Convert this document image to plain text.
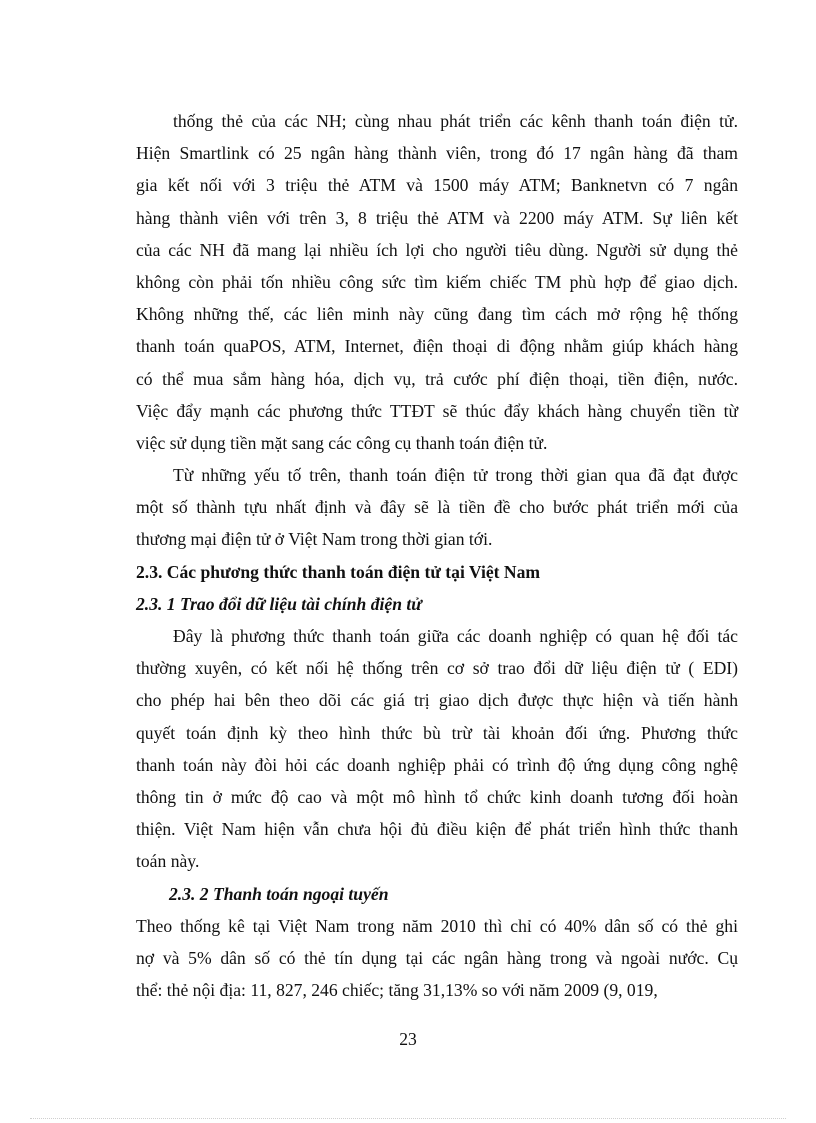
thống thẻ của các NH; cùng nhau phát triển các kênh thanh toán điện tử.
Hiện Smartlink có 25 ngân hàng thành viên, trong đó 17 ngân hàng đã tham
gia kết nối với 3 triệu thẻ ATM và 1500 máy ATM; Banknetvn có 7 ngân
hàng thành viên với trên 3, 8 triệu thẻ ATM và 2200 máy ATM. Sự liên kết
của các NH đã mang lại nhiều ích lợi cho người tiêu dùng. Người sử dụng thẻ
không còn phải tốn nhiều công sức tìm kiếm chiếc TM phù hợp để giao dịch.
Không những thế, các liên minh này cũng đang tìm cách mở rộng hệ thống
thanh toán quaPOS, ATM, Internet, điện thoại di động nhằm giúp khách hàng
có thể mua sắm hàng hóa, dịch vụ, trả cước phí điện thoại, tiền điện, nước.
Việc đẩy mạnh các phương thức TTĐT sẽ thúc đẩy khách hàng chuyển tiền từ
việc sử dụng tiền mặt sang các công cụ thanh toán điện tử.
Từ những yếu tố trên, thanh toán điện tử trong thời gian qua đã đạt được
một số thành tựu nhất định và đây sẽ là tiền đề cho bước phát triển mới của
thương mại điện tử ở Việt Nam trong thời gian tới.
2.3. Các phương thức thanh toán điện tử tại Việt Nam
2.3. 1 Trao đổi dữ liệu tài chính điện tử
Đây là phương thức thanh toán giữa các doanh nghiệp có quan hệ đối tác
thường xuyên, có kết nối hệ thống trên cơ sở trao đổi dữ liệu điện tử ( EDI)
cho phép hai bên theo dõi các giá trị giao dịch được thực hiện và tiến hành
quyết toán định kỳ theo hình thức bù trừ tài khoản đối ứng. Phương thức
thanh toán này đòi hỏi các doanh nghiệp phải có trình độ ứng dụng công nghệ
thông tin ở mức độ cao và một mô hình tổ chức kinh doanh tương đối hoàn
thiện. Việt Nam hiện vẫn chưa hội đủ điều kiện để phát triển hình thức thanh
toán này.
2.3. 2 Thanh toán ngoại tuyến
Theo thống kê tại Việt Nam trong năm 2010 thì chỉ có 40% dân số có thẻ ghi
nợ và 5% dân số có thẻ tín dụng tại các ngân hàng trong và ngoài nước. Cụ
thể: thẻ nội địa: 11, 827, 246 chiếc; tăng 31,13% so với năm 2009 (9, 019,
23
